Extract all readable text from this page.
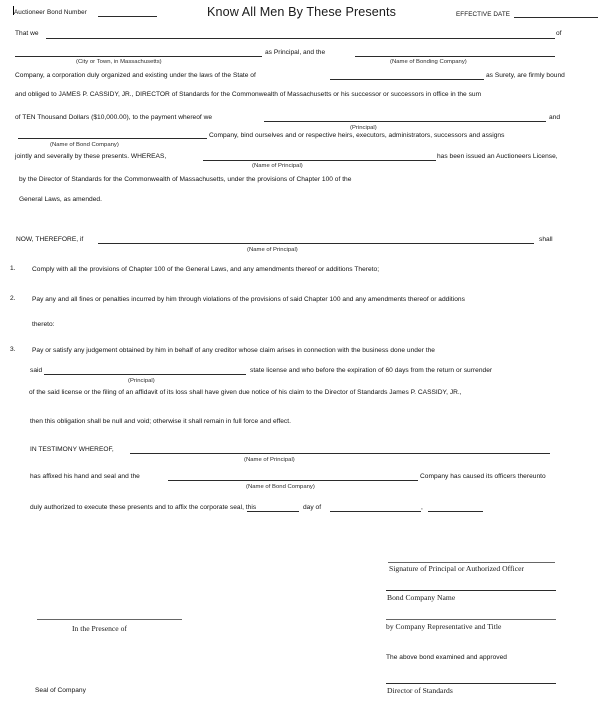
Auctioneer Bond Number	Know All Men By These Presents	EFFECTIVE DATE
That we	of
as Principal, and the
(City or Town, in Massachusetts)	(Name of Bonding Company)
Company, a corporation duly organized and existing under the laws of the State of	as Surety, are firmly bound
and obliged to JAMES P. CASSIDY, JR., DIRECTOR of Standards for the Commonwealth of Massachusetts or his successor or successors in office in the sum
of TEN Thousand Dollars ($10,000.00), to the payment whereof we	and
(Principal)
Company, bind ourselves and or respective heirs, executors, administrators, successors and assigns
(Name of Bond Company)
jointly and severally by these presents. WHEREAS,	has been issued an Auctioneers License,
(Name of Principal)
by the Director of Standards for the Commonwealth of Massachusetts, under the provisions of Chapter 100 of the
General Laws, as amended.
NOW, THEREFORE, if	shall
(Name of Principal)
1.	Comply with all the provisions of Chapter 100 of the General Laws, and any amendments thereof or additions Thereto;
2.	Pay any and all fines or penalties incurred by him through violations of the provisions of said Chapter 100 and any amendments thereof or additions
thereto:
3.	Pay or satisfy any judgement obtained by him in behalf of any creditor whose claim arises in connection with the business done under the
said	state license and who before the expiration of 60 days from the return or surrender
(Principal)
of the said license or the filing of an affidavit of its loss shall have given due notice of his claim to the Director of Standards James P. CASSIDY, JR.,
then this obligation shall be null and void; otherwise it shall remain in full force and effect.
IN TESTIMONY WHEREOF,
(Name of Principal)
has affixed his hand and seal and the	Company has caused its officers thereunto
(Name of Bond Company)
duly authorized to execute these presents and to affix the corporate seal, this	day of	,
Signature of Principal or Authorized Officer
Bond Company Name
by Company Representative and Title
The above bond examined and approved
Director of Standards
In the Presence of
Seal of Company
